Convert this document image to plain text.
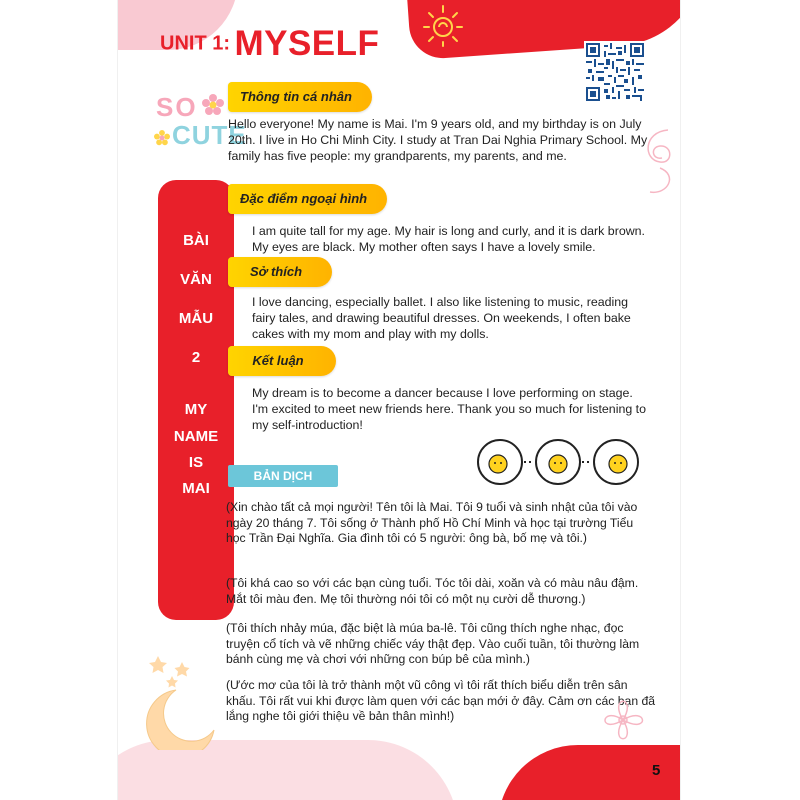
UNIT 1: MYSELF
SO
CUTE
BÀI
VĂN
MẪU
2
MY
NAME
IS
MAI
Thông tin cá nhân
Hello everyone! My name is Mai. I'm 9 years old, and my birthday is on July 20th. I live in Ho Chi Minh City. I study at Tran Dai Nghia Primary School. My family has five people: my grandparents, my parents, and me.
Đặc điểm ngoại hình
I am quite tall for my age. My hair is long and curly, and it is dark brown. My eyes are black. My mother often says I have a lovely smile.
Sở thích
I love dancing, especially ballet. I also like listening to music, reading fairy tales, and drawing beautiful dresses. On weekends, I often bake cakes with my mom and play with my dolls.
Kết luận
My dream is to become a dancer because I love performing on stage. I'm excited to meet new friends here. Thank you so much for listening to my self-introduction!
BẢN DỊCH
(Xin chào tất cả mọi người! Tên tôi là Mai. Tôi 9 tuổi và sinh nhật của tôi vào ngày 20 tháng 7. Tôi sống ở Thành phố Hồ Chí Minh và học tại trường Tiểu học Trần Đại Nghĩa. Gia đình tôi có 5 người: ông bà, bố mẹ và tôi.)
(Tôi khá cao so với các bạn cùng tuổi. Tóc tôi dài, xoăn và có màu nâu đậm. Mắt tôi màu đen. Mẹ tôi thường nói tôi có một nụ cười dễ thương.)
(Tôi thích nhảy múa, đặc biệt là múa ba-lê. Tôi cũng thích nghe nhạc, đọc truyện cổ tích và vẽ những chiếc váy thật đẹp. Vào cuối tuần, tôi thường làm bánh cùng mẹ và chơi với những con búp bê của mình.)
(Ước mơ của tôi là trở thành một vũ công vì tôi rất thích biểu diễn trên sân khấu. Tôi rất vui khi được làm quen với các bạn mới ở đây. Cảm ơn các bạn đã lắng nghe tôi giới thiệu về bản thân mình!)
5
